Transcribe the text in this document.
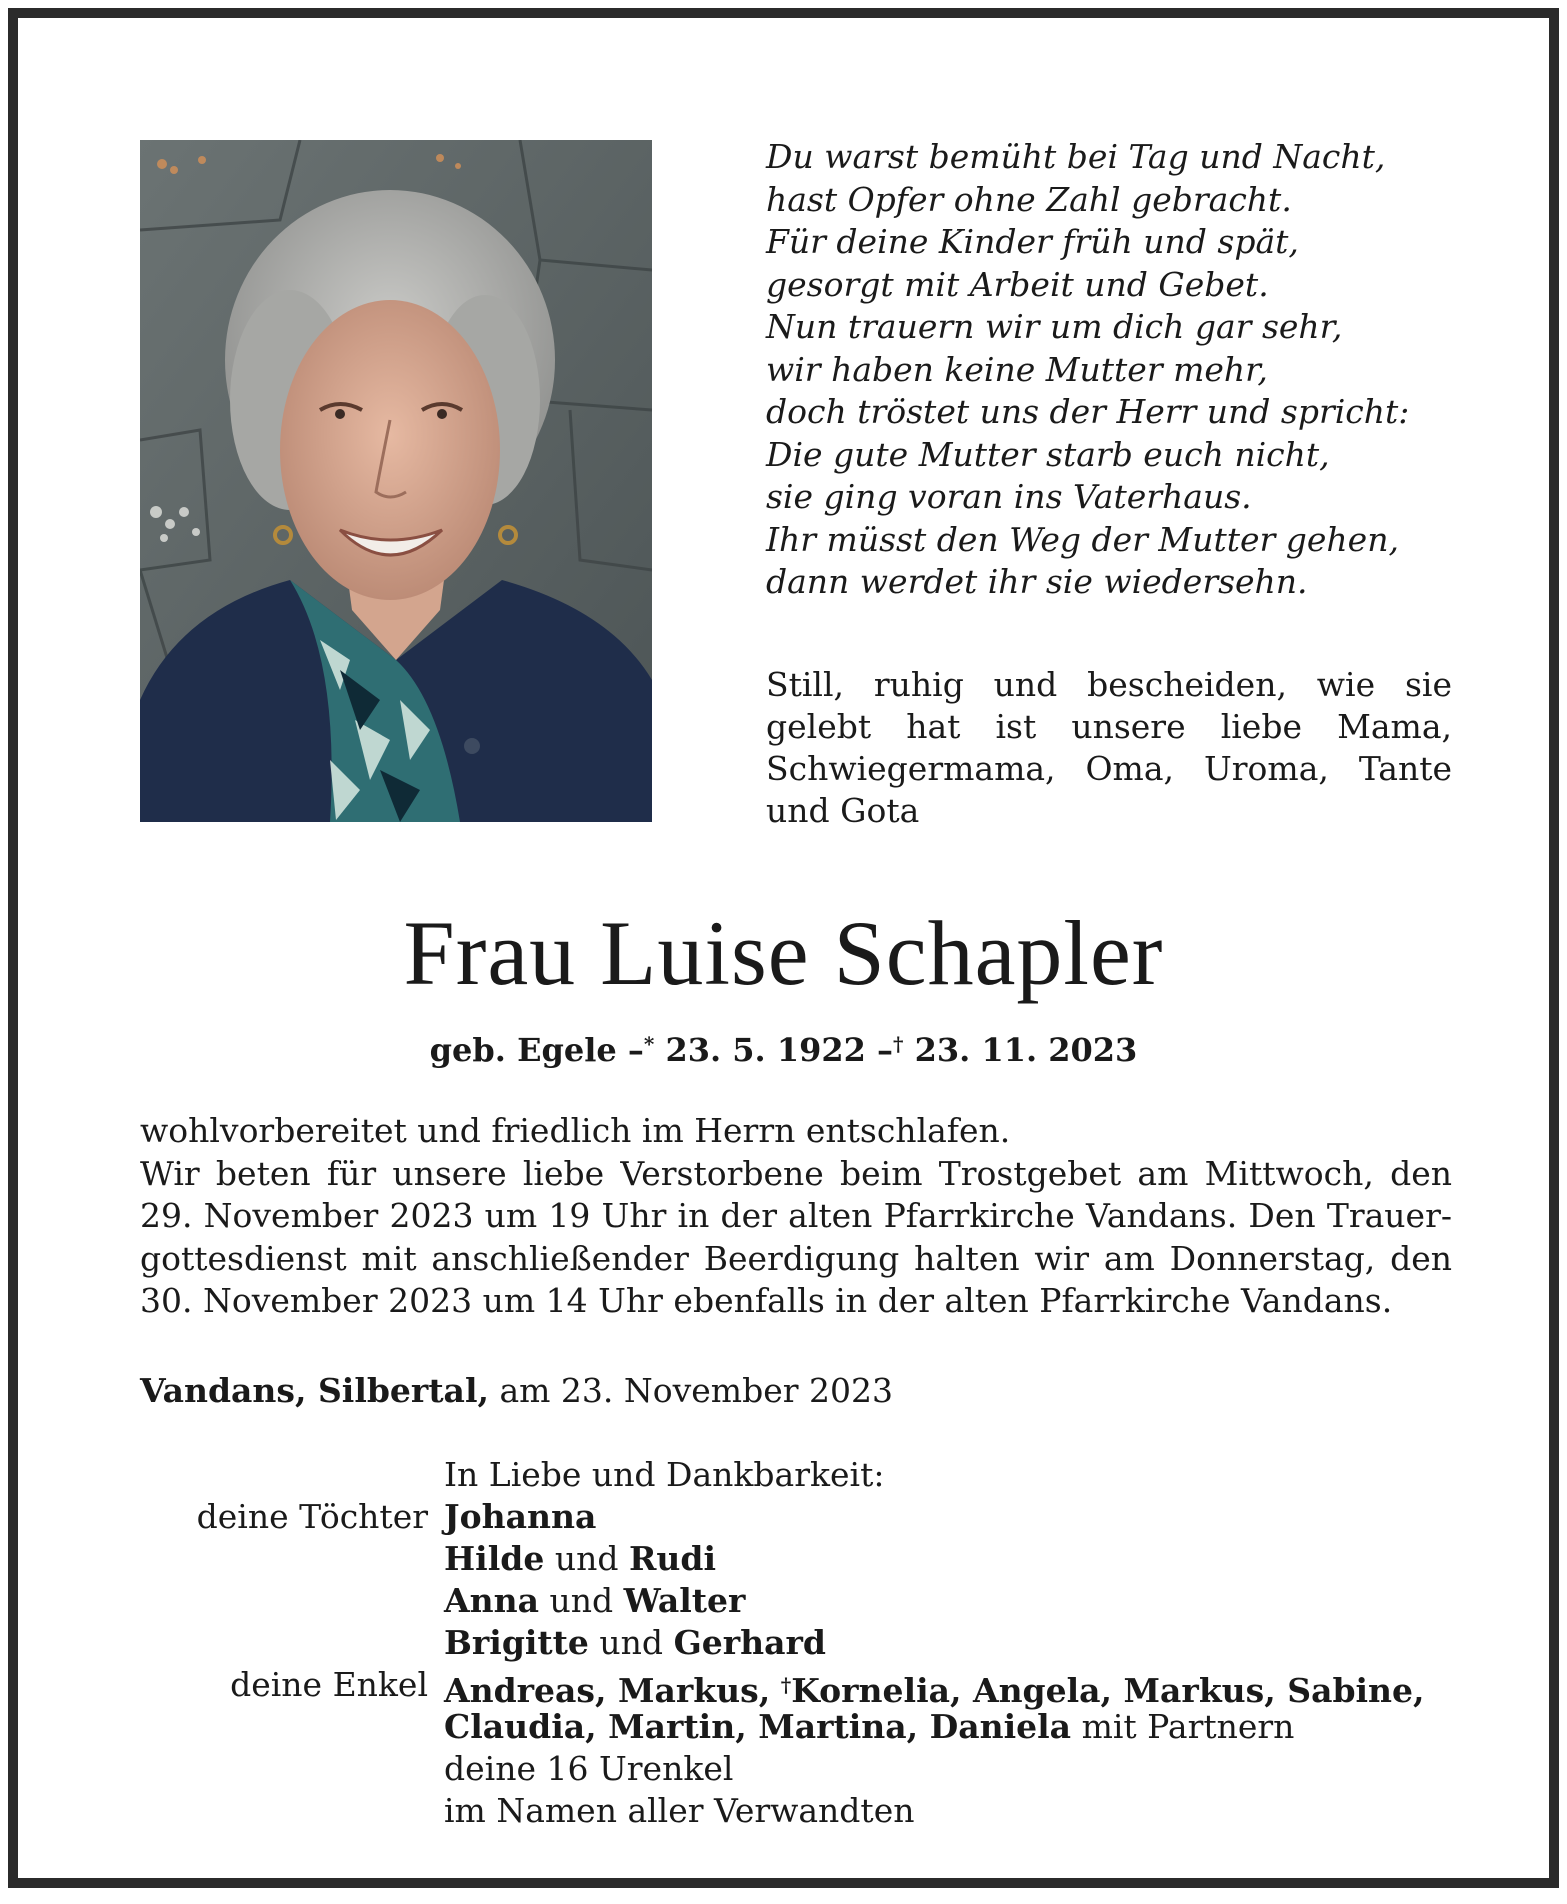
Du warst bemüht bei Tag und Nacht,
hast Opfer ohne Zahl gebracht.
Für deine Kinder früh und spät,
gesorgt mit Arbeit und Gebet.
Nun trauern wir um dich gar sehr,
wir haben keine Mutter mehr,
doch tröstet uns der Herr und spricht:
Die gute Mutter starb euch nicht,
sie ging voran ins Vaterhaus.
Ihr müsst den Weg der Mutter gehen,
dann werdet ihr sie wiedersehn.
Still, ruhig und bescheiden, wie sie gelebt hat ist unsere liebe Mama, Schwiegermama, Oma, Uroma, Tante und Gota
Frau Luise Schapler
geb. Egele –* 23. 5. 1922 –† 23. 11. 2023
wohlvorbereitet und friedlich im Herrn entschlafen.
Wir beten für unsere liebe Verstorbene beim Trostgebet am Mittwoch, den
29. November 2023 um 19 Uhr in der alten Pfarrkirche Vandans. Den Trauer-
gottesdienst mit anschließender Beerdigung halten wir am Donnerstag, den
30. November 2023 um 14 Uhr ebenfalls in der alten Pfarrkirche Vandans.
Vandans, Silbertal, am 23. November 2023
In Liebe und Dankbarkeit:
deine Töchter Johanna
Hilde und Rudi
Anna und Walter
Brigitte und Gerhard
deine Enkel Andreas, Markus, †Kornelia, Angela, Markus, Sabine,
Claudia, Martin, Martina, Daniela mit Partnern
deine 16 Urenkel
im Namen aller Verwandten
